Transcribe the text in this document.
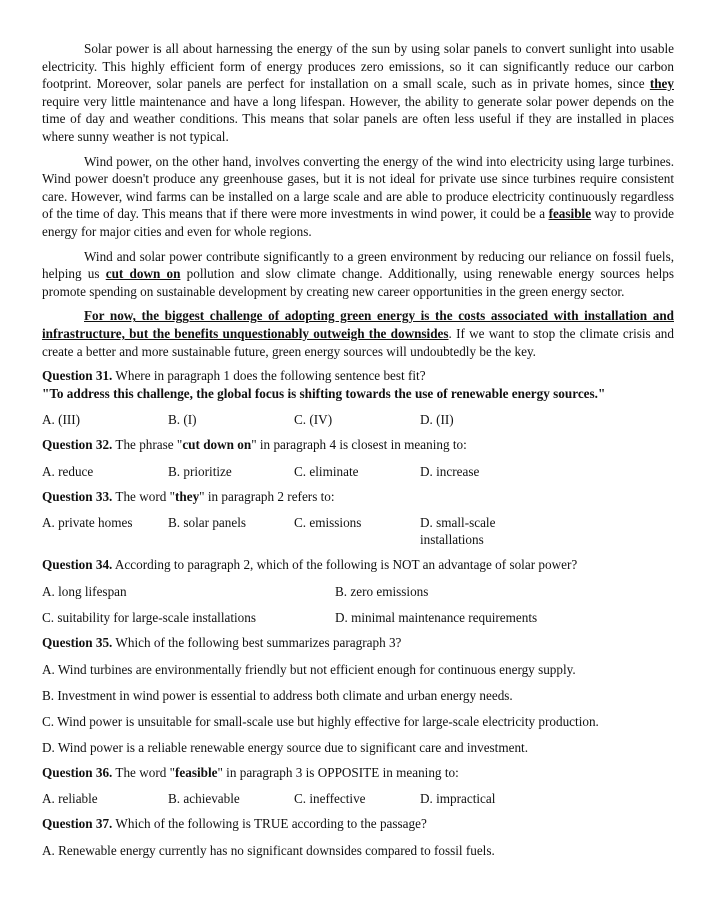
Solar power is all about harnessing the energy of the sun by using solar panels to convert sunlight into usable electricity. This highly efficient form of energy produces zero emissions, so it can significantly reduce our carbon footprint. Moreover, solar panels are perfect for installation on a small scale, such as in private homes, since they require very little maintenance and have a long lifespan. However, the ability to generate solar power depends on the time of day and weather conditions. This means that solar panels are often less useful if they are installed in places where sunny weather is not typical.

Wind power, on the other hand, involves converting the energy of the wind into electricity using large turbines. Wind power doesn't produce any greenhouse gases, but it is not ideal for private use since turbines require consistent care. However, wind farms can be installed on a large scale and are able to produce electricity continuously regardless of the time of day. This means that if there were more investments in wind power, it could be a feasible way to provide energy for major cities and even for whole regions.

Wind and solar power contribute significantly to a green environment by reducing our reliance on fossil fuels, helping us cut down on pollution and slow climate change. Additionally, using renewable energy sources helps promote spending on sustainable development by creating new career opportunities in the green energy sector.

For now, the biggest challenge of adopting green energy is the costs associated with installation and infrastructure, but the benefits unquestionably outweigh the downsides. If we want to stop the climate crisis and create a better and more sustainable future, green energy sources will undoubtedly be the key.

Question 31. Where in paragraph 1 does the following sentence best fit?
"To address this challenge, the global focus is shifting towards the use of renewable energy sources."
A. (III)	B. (I)	C. (IV)	D. (II)
Question 32. The phrase "cut down on" in paragraph 4 is closest in meaning to:
A. reduce	B. prioritize	C. eliminate	D. increase
Question 33. The word "they" in paragraph 2 refers to:
A. private homes	B. solar panels	C. emissions	D. small-scale installations
Question 34. According to paragraph 2, which of the following is NOT an advantage of solar power?
A. long lifespan	B. zero emissions
C. suitability for large-scale installations	D. minimal maintenance requirements
Question 35. Which of the following best summarizes paragraph 3?
A. Wind turbines are environmentally friendly but not efficient enough for continuous energy supply.
B. Investment in wind power is essential to address both climate and urban energy needs.
C. Wind power is unsuitable for small-scale use but highly effective for large-scale electricity production.
D. Wind power is a reliable renewable energy source due to significant care and investment.
Question 36. The word "feasible" in paragraph 3 is OPPOSITE in meaning to:
A. reliable	B. achievable	C. ineffective	D. impractical
Question 37. Which of the following is TRUE according to the passage?
A. Renewable energy currently has no significant downsides compared to fossil fuels.
